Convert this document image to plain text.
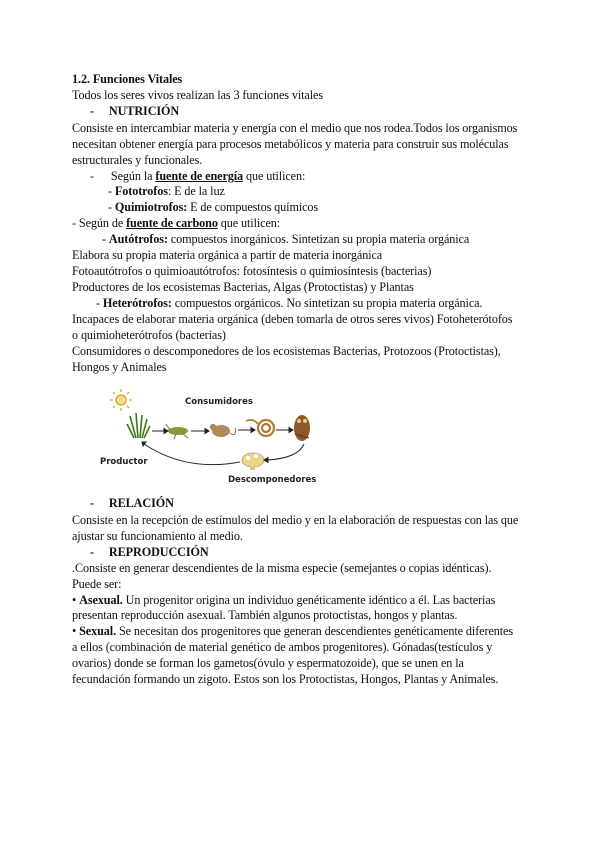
1.2. Funciones Vitales
Todos los seres vivos realizan las 3 funciones vitales
- NUTRICIÓN
Consiste en intercambiar materia y energía con el medio que nos rodea.Todos los organismos
necesitan obtener energía para procesos metabólicos y materia para construir sus moléculas
estructurales y funcionales.
- Según la fuente de energía que utilicen:
- Fototrofos: E de la luz
- Quimiotrofos: E de compuestos químicos
- Según de fuente de carbono que utilicen:
- Autótrofos: compuestos inorgánicos. Sintetizan su propia materia orgánica
Elabora su propia materia orgánica a partir de materia inorgánica
Fotoautótrofos o quimioautótrofos: fotosíntesis o quimiosíntesis (bacterias)
Productores de los ecosistemas Bacterias, Algas (Protoctistas) y Plantas
- Heterótrofos: compuestos orgánicos. No sintetizan su propia materia orgánica.
Incapaces de elaborar materia orgánica (deben tomarla de otros seres vivos) Fotoheterótofos
o quimioheterótrofos (bacterias)
Consumidores o descomponedores de los ecosistemas Bacterias, Protozoos (Protoctistas),
Hongos y Animales
Consumidores
Productor
Descomponedores
- RELACIÓN
Consiste en la recepción de estímulos del medio y en la elaboración de respuestas con las que
ajustar su funcionamiento al medio.
- REPRODUCCIÓN
.Consiste en generar descendientes de la misma especie (semejantes o copias idénticas).
Puede ser:
• Asexual. Un progenitor origina un individuo genéticamente idéntico a él. Las bacterias
presentan reproducción asexual. También algunos protoctistas, hongos y plantas.
• Sexual. Se necesitan dos progenitores que generan descendientes genéticamente diferentes
a ellos (combinación de material genético de ambos progenitores). Gónadas(testículos y
ovarios) donde se forman los gametos(óvulo y espermatozoide), que se unen en la
fecundación formando un zigoto. Estos son los Protoctistas, Hongos, Plantas y Animales.
